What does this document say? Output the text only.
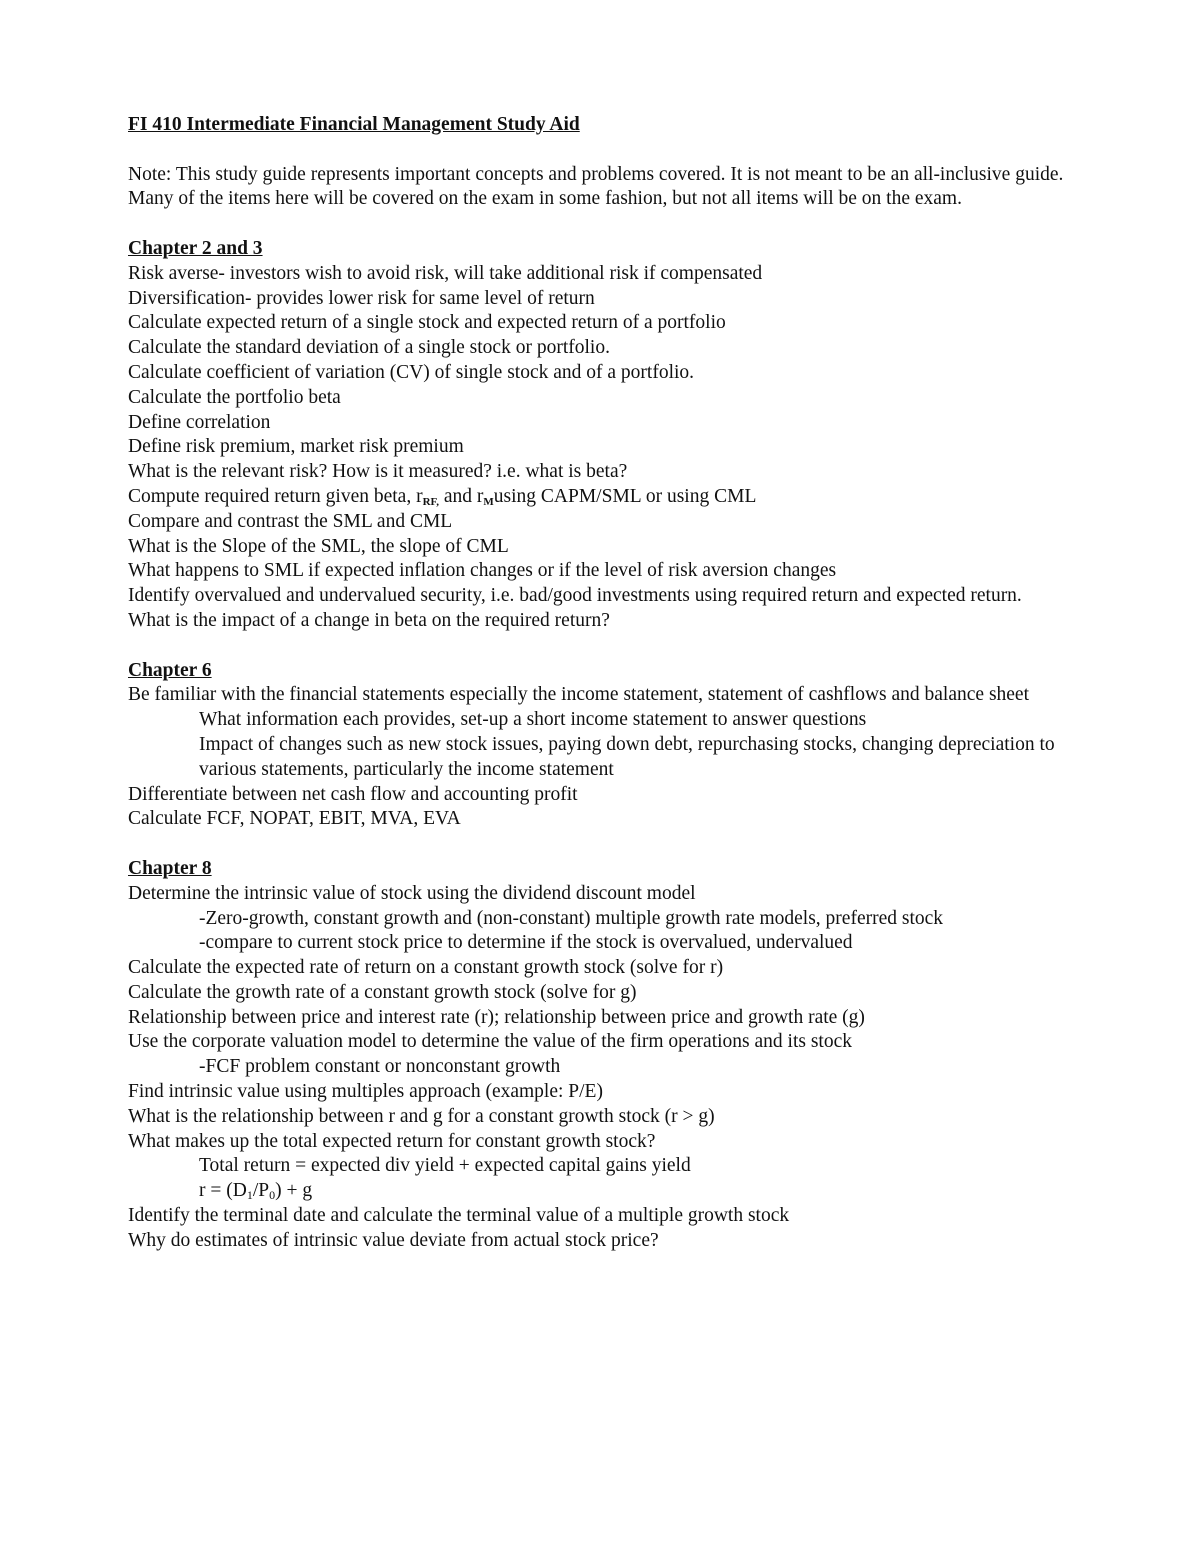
FI 410 Intermediate Financial Management Study Aid

Note: This study guide represents important concepts and problems covered. It is not meant to be an all-inclusive guide. Many of the items here will be covered on the exam in some fashion, but not all items will be on the exam.

Chapter 2 and 3

Risk averse- investors wish to avoid risk, will take additional risk if compensated

Diversification- provides lower risk for same level of return

Calculate expected return of a single stock and expected return of a portfolio

Calculate the standard deviation of a single stock or portfolio.

Calculate coefficient of variation (CV) of single stock and of a portfolio.

Calculate the portfolio beta

Define correlation

Define risk premium, market risk premium

What is the relevant risk? How is it measured? i.e. what is beta?

Compute required return given beta, rRF, and rMusing CAPM/SML or using CML

Compare and contrast the SML and CML

What is the Slope of the SML, the slope of CML

What happens to SML if expected inflation changes or if the level of risk aversion changes

Identify overvalued and undervalued security, i.e. bad/good investments using required return and expected return.

What is the impact of a change in beta on the required return?

Chapter 6

Be familiar with the financial statements especially the income statement, statement of cashflows and balance sheet

What information each provides, set-up a short income statement to answer questions

Impact of changes such as new stock issues, paying down debt, repurchasing stocks, changing depreciation to various statements, particularly the income statement

Differentiate between net cash flow and accounting profit

Calculate FCF, NOPAT, EBIT, MVA, EVA

Chapter 8

Determine the intrinsic value of stock using the dividend discount model

-Zero-growth, constant growth and (non-constant) multiple growth rate models, preferred stock

-compare to current stock price to determine if the stock is overvalued, undervalued

Calculate the expected rate of return on a constant growth stock (solve for r)

Calculate the growth rate of a constant growth stock (solve for g)

Relationship between price and interest rate (r); relationship between price and growth rate (g)

Use the corporate valuation model to determine the value of the firm operations and its stock

-FCF problem constant or nonconstant growth

Find intrinsic value using multiples approach (example: P/E)

What is the relationship between r and g for a constant growth stock (r > g)

What makes up the total expected return for constant growth stock?

Total return = expected div yield + expected capital gains yield

$r = (D_1/P_0) + g$

Identify the terminal date and calculate the terminal value of a multiple growth stock

Why do estimates of intrinsic value deviate from actual stock price?
